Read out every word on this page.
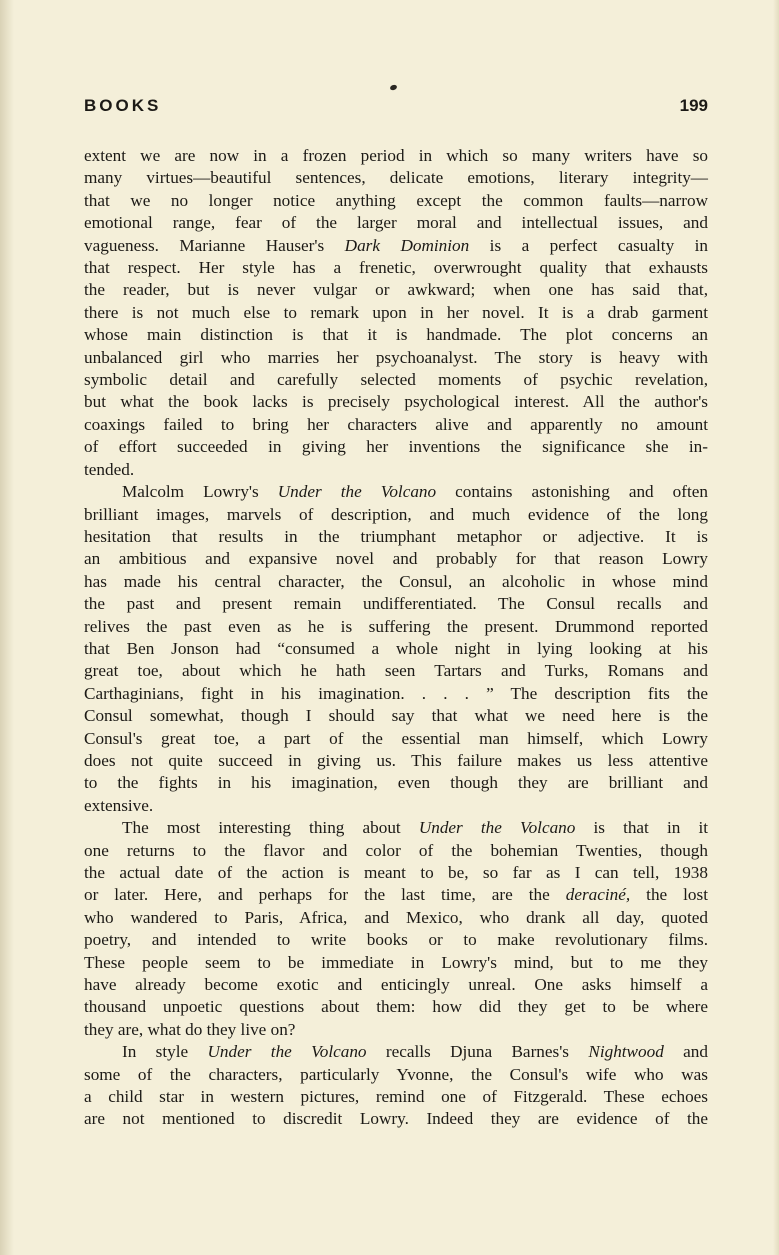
BOOKS	199
extent we are now in a frozen period in which so many writers have so
many virtues—beautiful sentences, delicate emotions, literary integrity—
that we no longer notice anything except the common faults—narrow
emotional range, fear of the larger moral and intellectual issues, and
vagueness. Marianne Hauser's Dark Dominion is a perfect casualty in
that respect. Her style has a frenetic, overwrought quality that exhausts
the reader, but is never vulgar or awkward; when one has said that,
there is not much else to remark upon in her novel. It is a drab garment
whose main distinction is that it is handmade. The plot concerns an
unbalanced girl who marries her psychoanalyst. The story is heavy with
symbolic detail and carefully selected moments of psychic revelation,
but what the book lacks is precisely psychological interest. All the author's
coaxings failed to bring her characters alive and apparently no amount
of effort succeeded in giving her inventions the significance she in-
tended.
Malcolm Lowry's Under the Volcano contains astonishing and often
brilliant images, marvels of description, and much evidence of the long
hesitation that results in the triumphant metaphor or adjective. It is
an ambitious and expansive novel and probably for that reason Lowry
has made his central character, the Consul, an alcoholic in whose mind
the past and present remain undifferentiated. The Consul recalls and
relives the past even as he is suffering the present. Drummond reported
that Ben Jonson had “consumed a whole night in lying looking at his
great toe, about which he hath seen Tartars and Turks, Romans and
Carthaginians, fight in his imagination. . . . ” The description fits the
Consul somewhat, though I should say that what we need here is the
Consul's great toe, a part of the essential man himself, which Lowry
does not quite succeed in giving us. This failure makes us less attentive
to the fights in his imagination, even though they are brilliant and
extensive.
The most interesting thing about Under the Volcano is that in it
one returns to the flavor and color of the bohemian Twenties, though
the actual date of the action is meant to be, so far as I can tell, 1938
or later. Here, and perhaps for the last time, are the deraciné, the lost
who wandered to Paris, Africa, and Mexico, who drank all day, quoted
poetry, and intended to write books or to make revolutionary films.
These people seem to be immediate in Lowry's mind, but to me they
have already become exotic and enticingly unreal. One asks himself a
thousand unpoetic questions about them: how did they get to be where
they are, what do they live on?
In style Under the Volcano recalls Djuna Barnes's Nightwood and
some of the characters, particularly Yvonne, the Consul's wife who was
a child star in western pictures, remind one of Fitzgerald. These echoes
are not mentioned to discredit Lowry. Indeed they are evidence of the
